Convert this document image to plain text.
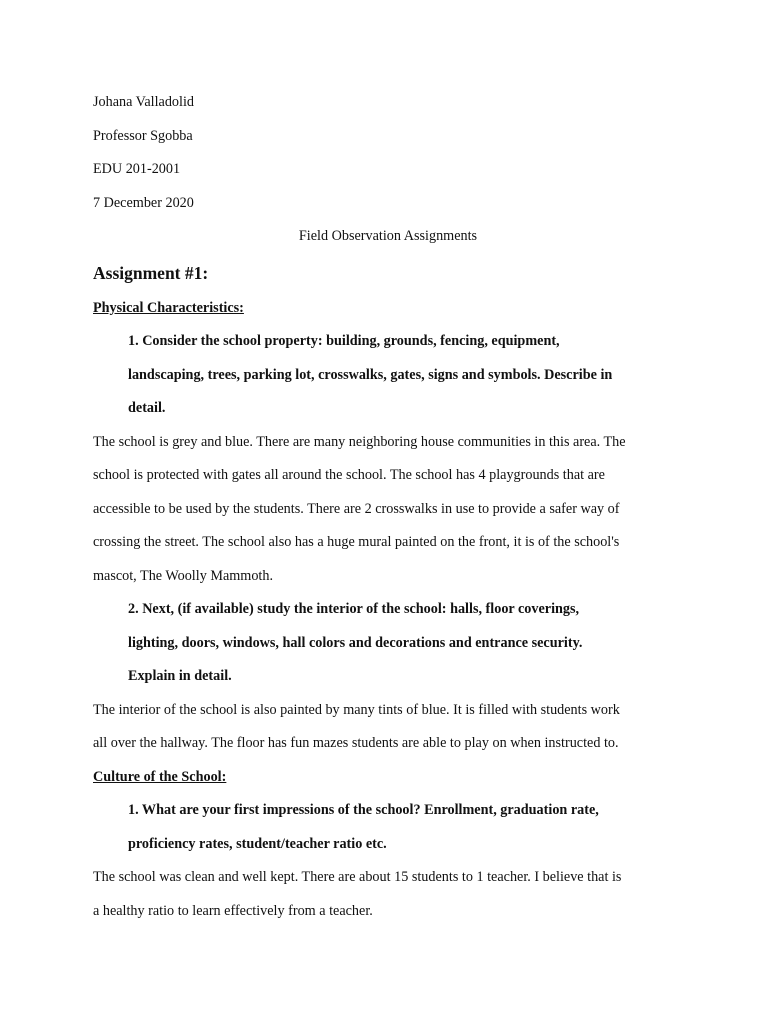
Johana Valladolid

Professor Sgobba

EDU 201-2001

7 December 2020

Field Observation Assignments

Assignment #1:

Physical Characteristics:

1. Consider the school property: building, grounds, fencing, equipment,

landscaping, trees, parking lot, crosswalks, gates, signs and symbols. Describe in

detail.

The school is grey and blue. There are many neighboring house communities in this area. The

school is protected with gates all around the school. The school has 4 playgrounds that are

accessible to be used by the students. There are 2 crosswalks in use to provide a safer way of

crossing the street. The school also has a huge mural painted on the front, it is of the school's

mascot, The Woolly Mammoth.

2. Next, (if available) study the interior of the school: halls, floor coverings,

lighting, doors, windows, hall colors and decorations and entrance security.

Explain in detail.

The interior of the school is also painted by many tints of blue. It is filled with students work

all over the hallway. The floor has fun mazes students are able to play on when instructed to.

Culture of the School:

1. What are your first impressions of the school? Enrollment, graduation rate,

proficiency rates, student/teacher ratio etc.

The school was clean and well kept. There are about 15 students to 1 teacher. I believe that is

a healthy ratio to learn effectively from a teacher.
